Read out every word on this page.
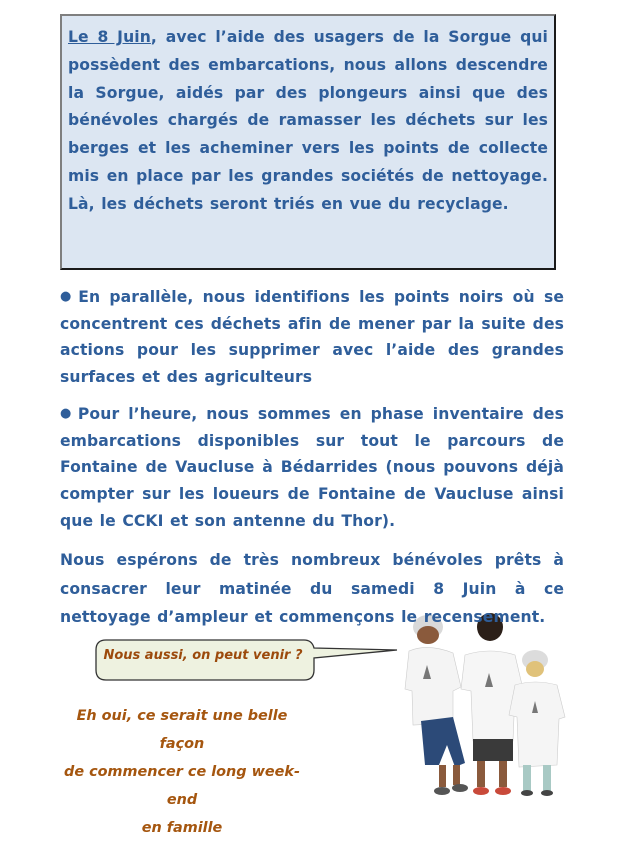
Le 8 Juin, avec l’aide des usagers de la Sorgue qui possèdent des embarcations, nous allons descendre la Sorgue, aidés par des plongeurs ainsi que des bénévoles chargés de ramasser les déchets sur les berges et les acheminer vers les points de collecte mis en place par les grandes sociétés de nettoyage. Là, les déchets seront triés en vue du recyclage.

● En parallèle, nous identifions les points noirs où se concentrent ces déchets afin de mener par la suite des actions pour les supprimer avec l’aide des grandes surfaces et des agriculteurs

● Pour l’heure, nous sommes en phase inventaire des embarcations disponibles sur tout le parcours de Fontaine de Vaucluse à Bédarrides (nous pouvons déjà compter sur les loueurs de Fontaine de Vaucluse ainsi que le CCKI et son antenne du Thor).

Nous espérons de très nombreux bénévoles prêts à consacrer leur matinée du samedi 8 Juin à ce nettoyage d’ampleur et commençons le recensement.

Nous aussi, on peut venir ?
Eh oui, ce serait une belle façon
de commencer ce long week-end
en famille
